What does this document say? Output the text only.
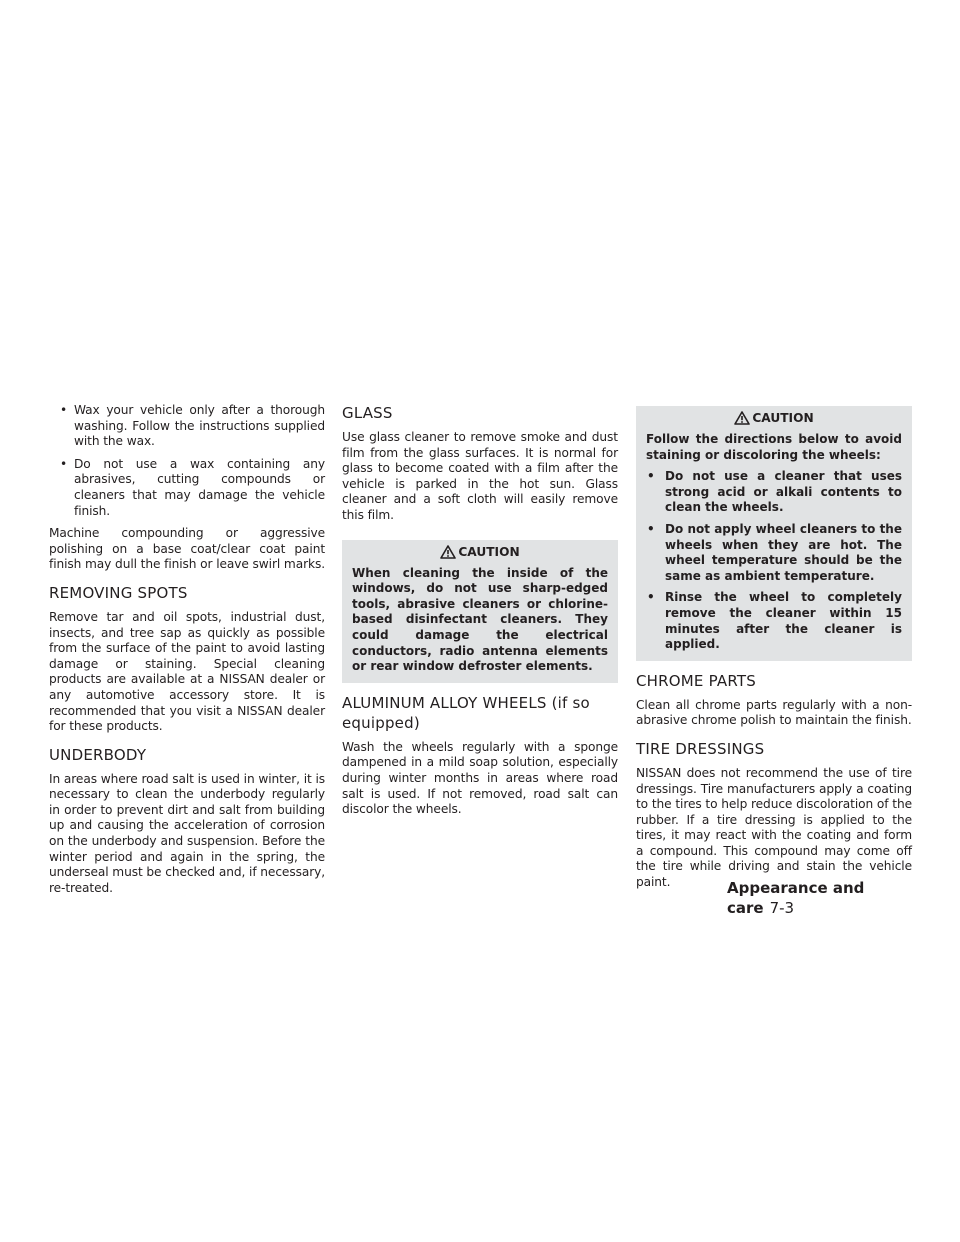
• Wax your vehicle only after a thorough washing. Follow the instructions supplied with the wax.
• Do not use a wax containing any abrasives, cutting compounds or cleaners that may damage the vehicle finish.

Machine compounding or aggressive polishing on a base coat/clear coat paint finish may dull the finish or leave swirl marks.

REMOVING SPOTS

Remove tar and oil spots, industrial dust, insects, and tree sap as quickly as possible from the surface of the paint to avoid lasting damage or staining. Special cleaning products are available at a NISSAN dealer or any automotive accessory store. It is recommended that you visit a NISSAN dealer for these products.

UNDERBODY

In areas where road salt is used in winter, it is necessary to clean the underbody regularly in order to prevent dirt and salt from building up and causing the acceleration of corrosion on the underbody and suspension. Before the winter period and again in the spring, the underseal must be checked and, if necessary, re-treated.

GLASS

Use glass cleaner to remove smoke and dust film from the glass surfaces. It is normal for glass to become coated with a film after the vehicle is parked in the hot sun. Glass cleaner and a soft cloth will easily remove this film.

CAUTION

When cleaning the inside of the windows, do not use sharp-edged tools, abrasive cleaners or chlorine-based disinfectant cleaners. They could damage the electrical conductors, radio antenna elements or rear window defroster elements.

ALUMINUM ALLOY WHEELS (if so equipped)

Wash the wheels regularly with a sponge dampened in a mild soap solution, especially during winter months in areas where road salt is used. If not removed, road salt can discolor the wheels.

CAUTION

Follow the directions below to avoid staining or discoloring the wheels:

• Do not use a cleaner that uses strong acid or alkali contents to clean the wheels.
• Do not apply wheel cleaners to the wheels when they are hot. The wheel temperature should be the same as ambient temperature.
• Rinse the wheel to completely remove the cleaner within 15 minutes after the cleaner is applied.
CHROME PARTS

Clean all chrome parts regularly with a non-abrasive chrome polish to maintain the finish.

TIRE DRESSINGS

NISSAN does not recommend the use of tire dressings. Tire manufacturers apply a coating to the tires to help reduce discoloration of the rubber. If a tire dressing is applied to the tires, it may react with the coating and form a compound. This compound may come off the tire while driving and stain the vehicle paint.	Appearance and care 7-3
